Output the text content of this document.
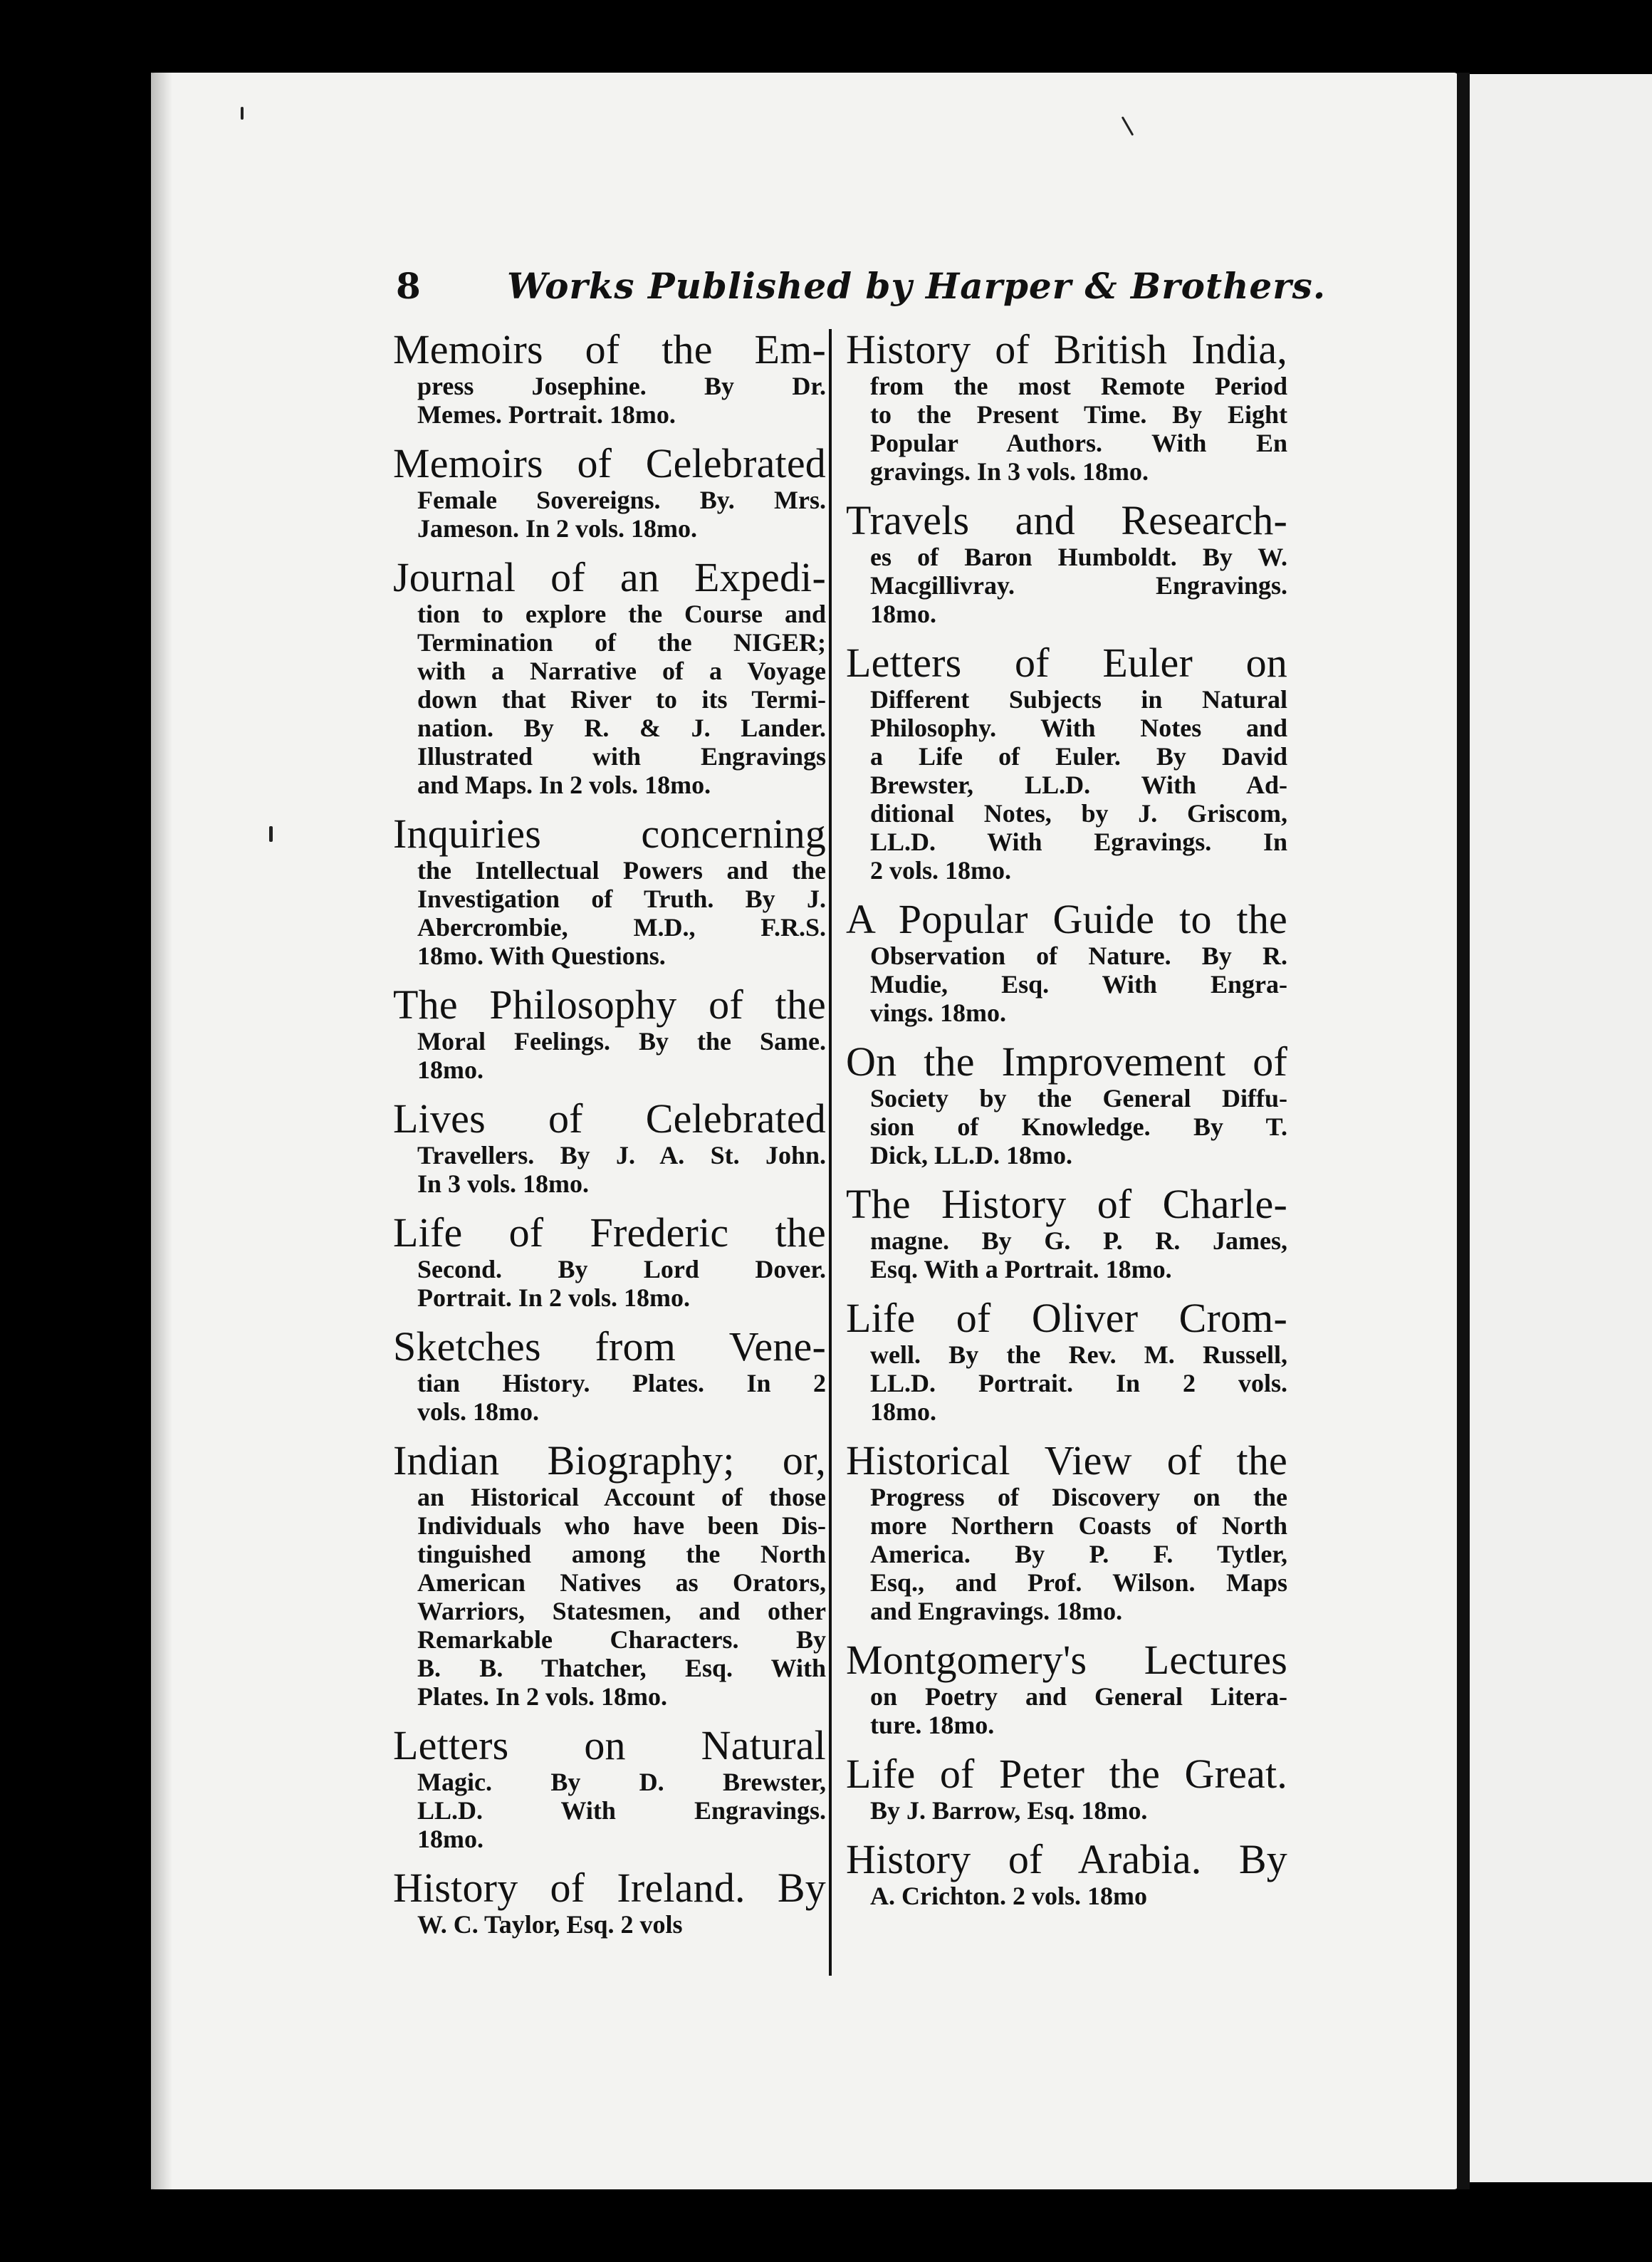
8 Works Published by Harper & Brothers.
Memoirs of the Em-
press Josephine. By Dr.
Memes. Portrait. 18mo.
Memoirs of Celebrated
Female Sovereigns. By. Mrs.
Jameson. In 2 vols. 18mo.
Journal of an Expedi-
tion to explore the Course and
Termination of the NIGER;
with a Narrative of a Voyage
down that River to its Termi-
nation. By R. & J. Lander.
Illustrated with Engravings
and Maps. In 2 vols. 18mo.
Inquiries concerning
the Intellectual Powers and the
Investigation of Truth. By J.
Abercrombie, M.D., F.R.S.
18mo. With Questions.
The Philosophy of the
Moral Feelings. By the Same.
18mo.
Lives of Celebrated
Travellers. By J. A. St. John.
In 3 vols. 18mo.
Life of Frederic the
Second. By Lord Dover.
Portrait. In 2 vols. 18mo.
Sketches from Vene-
tian History. Plates. In 2
vols. 18mo.
Indian Biography; or,
an Historical Account of those
Individuals who have been Dis-
tinguished among the North
American Natives as Orators,
Warriors, Statesmen, and other
Remarkable Characters. By
B. B. Thatcher, Esq. With
Plates. In 2 vols. 18mo.
Letters on Natural
Magic. By D. Brewster,
LL.D. With Engravings.
18mo.
History of Ireland. By
W. C. Taylor, Esq. 2 vols
History of British India,
from the most Remote Period
to the Present Time. By Eight
Popular Authors. With En
gravings. In 3 vols. 18mo.
Travels and Research-
es of Baron Humboldt. By W.
Macgillivray. Engravings.
18mo.
Letters of Euler on
Different Subjects in Natural
Philosophy. With Notes and
a Life of Euler. By David
Brewster, LL.D. With Ad-
ditional Notes, by J. Griscom,
LL.D. With Egravings. In
2 vols. 18mo.
A Popular Guide to the
Observation of Nature. By R.
Mudie, Esq. With Engra-
vings. 18mo.
On the Improvement of
Society by the General Diffu-
sion of Knowledge. By T.
Dick, LL.D. 18mo.
The History of Charle-
magne. By G. P. R. James,
Esq. With a Portrait. 18mo.
Life of Oliver Crom-
well. By the Rev. M. Russell,
LL.D. Portrait. In 2 vols.
18mo.
Historical View of the
Progress of Discovery on the
more Northern Coasts of North
America. By P. F. Tytler,
Esq., and Prof. Wilson. Maps
and Engravings. 18mo.
Montgomery's Lectures
on Poetry and General Litera-
ture. 18mo.
Life of Peter the Great.
By J. Barrow, Esq. 18mo.
History of Arabia. By
A. Crichton. 2 vols. 18mo
